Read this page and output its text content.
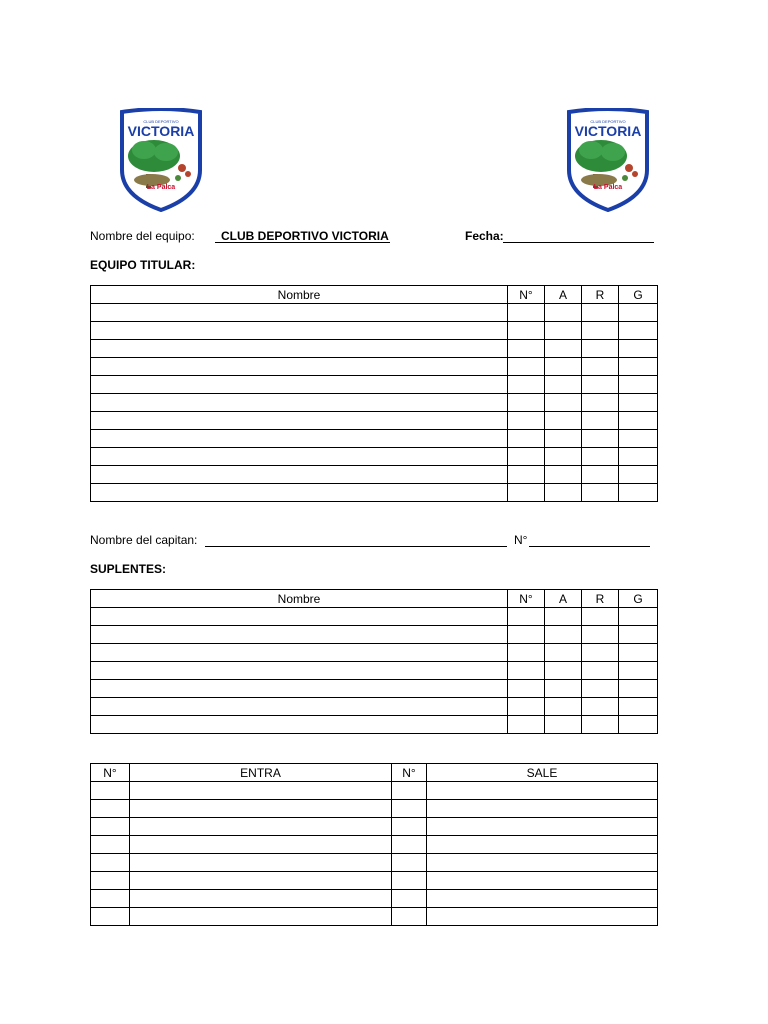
CLUB DEPORTIVO
VICTORIA
La Palca
CLUB DEPORTIVO
VICTORIA
La Palca
Nombre del equipo: CLUB DEPORTIVO VICTORIA	Fecha:
EQUIPO TITULAR:
Nombre	N°	A	R	G

Nombre del capitan:	N°
SUPLENTES:
Nombre	N°	A	R	G

N°	ENTRA	N°	SALE
